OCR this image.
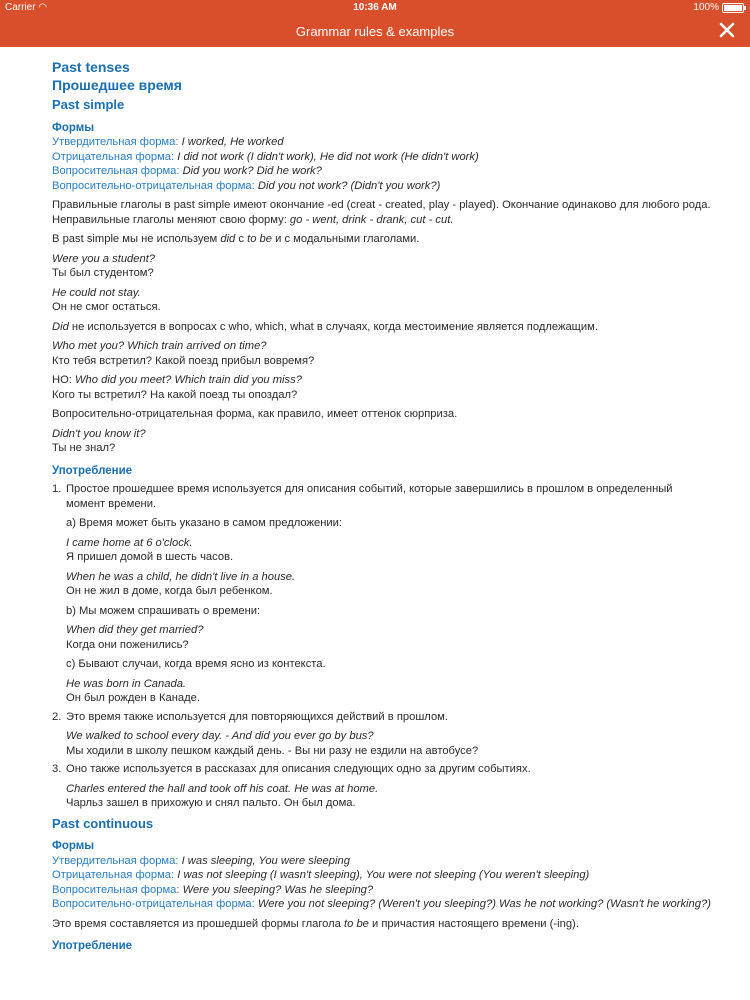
Carrier ◠	10:36 AM	100%
Grammar rules & examples
Past tenses
Прошедшее время
Past simple
Формы
Утвердительная форма: I worked, He worked
Отрицательная форма: I did not work (I didn't work), He did not work (He didn't work)
Вопросительная форма: Did you work? Did he work?
Вопросительно-отрицательная форма: Did you not work? (Didn't you work?)
Правильные глаголы в past simple имеют окончание -ed (creat - created, play - played). Окончание одинаково для любого рода.
Неправильные глаголы меняют свою форму: go - went, drink - drank, cut - cut.
В past simple мы не используем did с to be и с модальными глаголами.
Were you a student?
Ты был студентом?
He could not stay.
Он не смог остаться.
Did не используется в вопросах с who, which, what в случаях, когда местоимение является подлежащим.
Who met you? Which train arrived on time?
Кто тебя встретил? Какой поезд прибыл вовремя?
НО: Who did you meet? Which train did you miss?
Кого ты встретил? На какой поезд ты опоздал?
Вопросительно-отрицательная форма, как правило, имеет оттенок сюрприза.
Didn't you know it?
Ты не знал?
Употребление
1. Простое прошедшее время используется для описания событий, которые завершились в прошлом в определенный момент времени.
а) Время может быть указано в самом предложении:
I came home at 6 o'clock.
Я пришел домой в шесть часов.
When he was a child, he didn't live in a house.
Он не жил в доме, когда был ребенком.
b) Мы можем спрашивать о времени:
When did they get married?
Когда они поженились?
c) Бывают случаи, когда время ясно из контекста.
He was born in Canada.
Он был рожден в Канаде.
2. Это время также используется для повторяющихся действий в прошлом.
We walked to school every day. - And did you ever go by bus?
Мы ходили в школу пешком каждый день. - Вы ни разу не ездили на автобусе?
3. Оно также используется в рассказах для описания следующих одно за другим событиях.
Charles entered the hall and took off his coat. He was at home.
Чарльз зашел в прихожую и снял пальто. Он был дома.
Past continuous
Формы
Утвердительная форма: I was sleeping, You were sleeping
Отрицательная форма: I was not sleeping (I wasn't sleeping), You were not sleeping (You weren't sleeping)
Вопросительная форма: Were you sleeping? Was he sleeping?
Вопросительно-отрицательная форма: Were you not sleeping? (Weren't you sleeping?) Was he not working? (Wasn't he working?)
Это время составляется из прошедшей формы глагола to be и причастия настоящего времени (-ing).
Употребление
